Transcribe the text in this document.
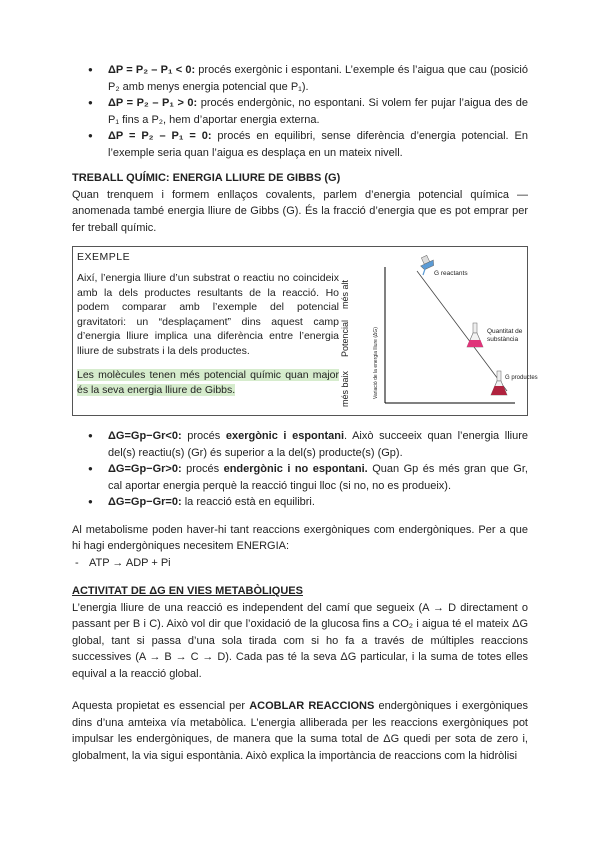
● ΔP = P₂ – P₁ < 0: procés exergònic i espontani. L’exemple és l’aigua que cau (posició P₂ amb menys energia potencial que P₁).
● ΔP = P₂ – P₁ > 0: procés endergònic, no espontani. Si volem fer pujar l’aigua des de P₁ fins a P₂, hem d’aportar energia externa.
● ΔP = P₂ – P₁ = 0: procés en equilibri, sense diferència d’energia potencial. En l’exemple seria quan l’aigua es desplaça en un mateix nivell.
TREBALL QUÍMIC: ENERGIA LLIURE DE GIBBS (G)

Quan trenquem i formem enllaços covalents, parlem d’energia potencial química —anomenada també energia lliure de Gibbs (G). És la fracció d’energia que es pot emprar per fer treball químic.

EXEMPLE
Així, l’energia lliure d’un substrat o reactiu no coincideix amb la dels productes resultants de la reacció. Ho podem comparar amb l’exemple del potencial gravitatori: un “desplaçament” dins aquest camp d’energia lliure implica una diferència entre l’energia lliure de substrats i la dels productes.
Les molècules tenen més potencial químic quan major és la seva energia lliure de Gibbs.	més baix
Potencial
més alt
Variació de la energia lliure (ΔG)
G reactants
Quantitat de
substància
G productes
● ΔG=Gp−Gr<0: procés exergònic i espontani. Això succeeix quan l’energia lliure del(s) reactiu(s) (Gr) és superior a la del(s) producte(s) (Gp).
● ΔG=Gp−Gr>0: procés endergònic i no espontani. Quan Gp és més gran que Gr, cal aportar energia perquè la reacció tingui lloc (si no, no es produeix).
● ΔG=Gp−Gr=0: la reacció està en equilibri.

Al metabolisme poden haver-hi tant reaccions exergòniques com endergòniques. Per a que hi hagi endergòniques necesitem ENERGIA:

- ATP → ADP + Pi
ACTIVITAT DE ΔG EN VIES METABÒLIQUES

L’energia lliure de una reacció es independent del camí que segueix (A → D directament o passant per B i C). Això vol dir que l’oxidació de la glucosa fins a CO₂ i aigua té el mateix ΔG global, tant si passa d’una sola tirada com si ho fa a través de múltiples reaccions successives (A → B → C → D). Cada pas té la seva ΔG particular, i la suma de totes elles equival a la reacció global.

Aquesta propietat es essencial per ACOBLAR REACCIONS endergòniques i exergòniques dins d’una amteixa vía metabòlica. L’energia alliberada per les reaccions exergòniques pot impulsar les endergòniques, de manera que la suma total de ΔG quedi per sota de zero i, globalment, la via sigui espontània. Això explica la importància de reaccions com la hidròlisi
